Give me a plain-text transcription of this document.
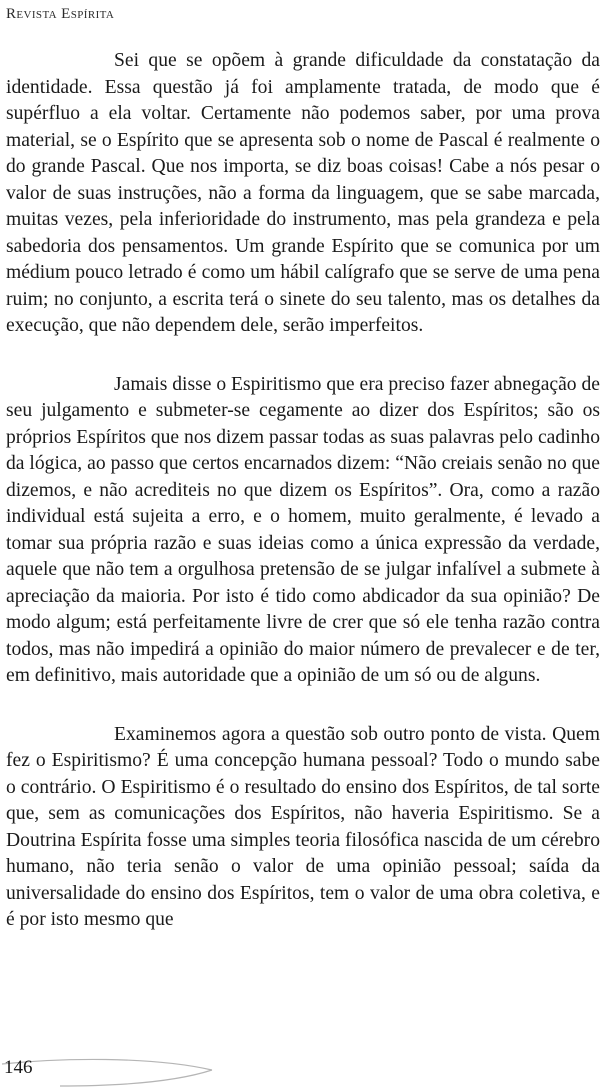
Revista Espírita

Sei que se opõem à grande dificuldade da constatação da identidade. Essa questão já foi amplamente tratada, de modo que é supérfluo a ela voltar. Certamente não podemos saber, por uma prova material, se o Espírito que se apresenta sob o nome de Pascal é realmente o do grande Pascal. Que nos importa, se diz boas coisas! Cabe a nós pesar o valor de suas instruções, não a forma da linguagem, que se sabe marcada, muitas vezes, pela inferioridade do instrumento, mas pela grandeza e pela sabedoria dos pensamentos. Um grande Espírito que se comunica por um médium pouco letrado é como um hábil calígrafo que se serve de uma pena ruim; no conjunto, a escrita terá o sinete do seu talento, mas os detalhes da execução, que não dependem dele, serão imperfeitos.

Jamais disse o Espiritismo que era preciso fazer abnegação de seu julgamento e submeter-se cegamente ao dizer dos Espíritos; são os próprios Espíritos que nos dizem passar todas as suas palavras pelo cadinho da lógica, ao passo que certos encarnados dizem: “Não creiais senão no que dizemos, e não acrediteis no que dizem os Espíritos”. Ora, como a razão individual está sujeita a erro, e o homem, muito geralmente, é levado a tomar sua própria razão e suas ideias como a única expressão da verdade, aquele que não tem a orgulhosa pretensão de se julgar infalível a submete à apreciação da maioria. Por isto é tido como abdicador da sua opinião? De modo algum; está perfeitamente livre de crer que só ele tenha razão contra todos, mas não impedirá a opinião do maior número de prevalecer e de ter, em definitivo, mais autoridade que a opinião de um só ou de alguns.

Examinemos agora a questão sob outro ponto de vista. Quem fez o Espiritismo? É uma concepção humana pessoal? Todo o mundo sabe o contrário. O Espiritismo é o resultado do ensino dos Espíritos, de tal sorte que, sem as comunicações dos Espíritos, não haveria Espiritismo. Se a Doutrina Espírita fosse uma simples teoria filosófica nascida de um cérebro humano, não teria senão o valor de uma opinião pessoal; saída da universalidade do ensino dos Espíritos, tem o valor de uma obra coletiva, e é por isto mesmo que

146
